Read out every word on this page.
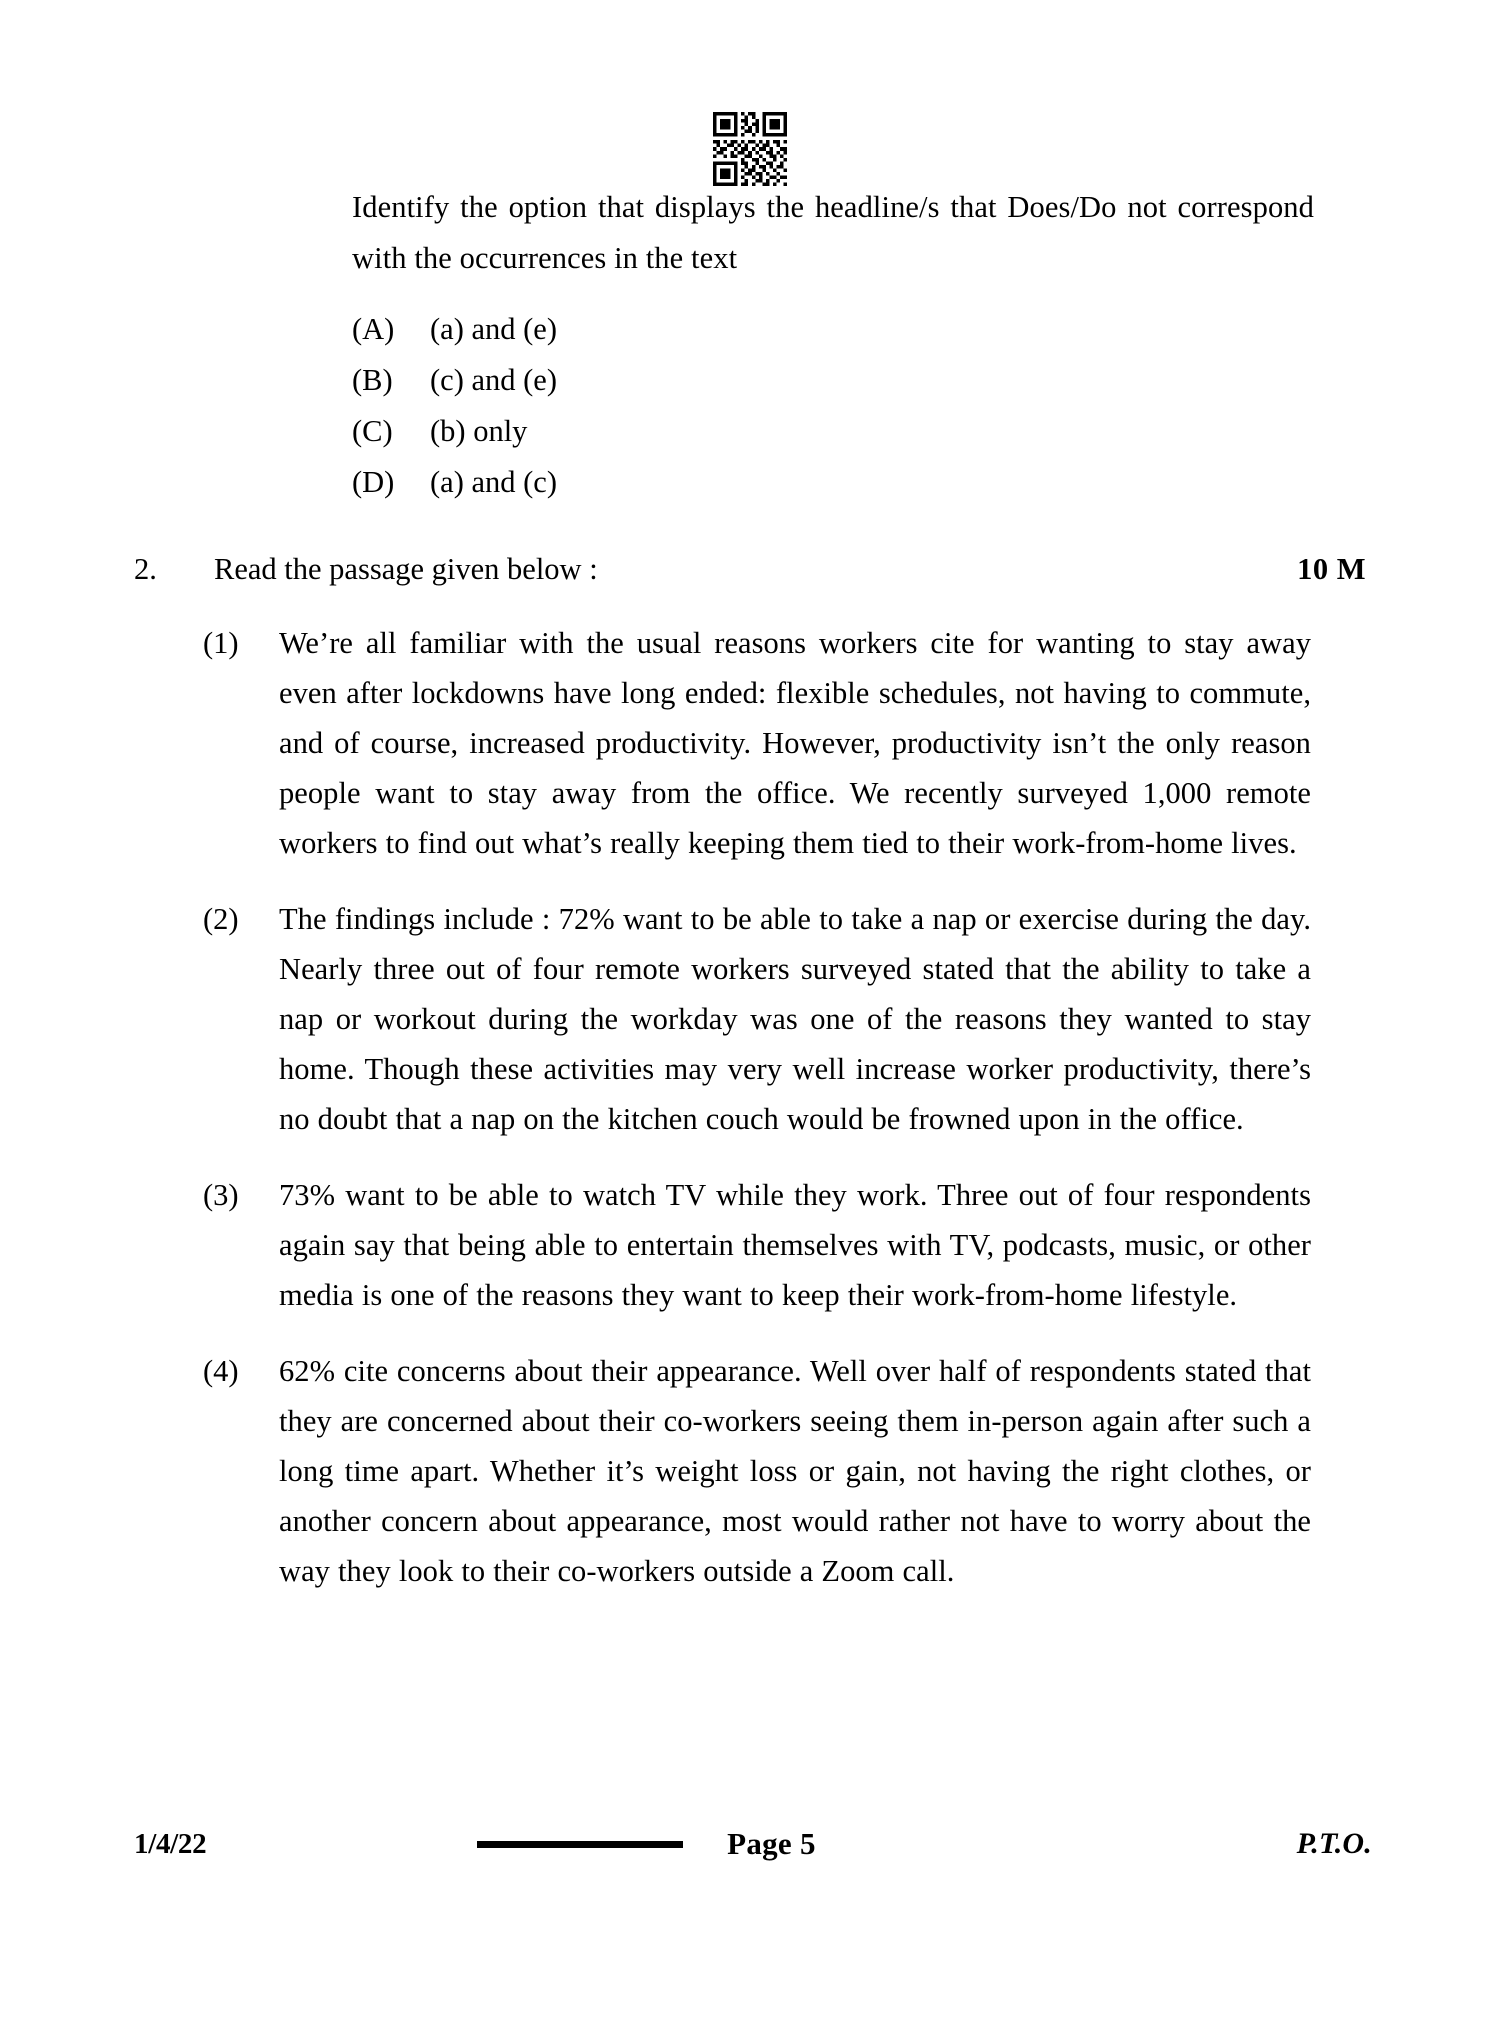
Identify the option that displays the headline/s that Does/Do not correspond with the occurrences in the text
(A)	(a) and (e)
(B)	(c) and (e)
(C)	(b) only
(D)	(a) and (c)
2.	Read the passage given below :	10 M
(1)	We’re all familiar with the usual reasons workers cite for wanting to stay away even after lockdowns have long ended: flexible schedules, not having to commute, and of course, increased productivity. However, productivity isn’t the only reason people want to stay away from the office. We recently surveyed 1,000 remote workers to find out what’s really keeping them tied to their work-from-home lives.
(2)	The findings include : 72% want to be able to take a nap or exercise during the day. Nearly three out of four remote workers surveyed stated that the ability to take a nap or workout during the workday was one of the reasons they wanted to stay home. Though these activities may very well increase worker productivity, there’s no doubt that a nap on the kitchen couch would be frowned upon in the office.
(3)	73% want to be able to watch TV while they work. Three out of four respondents again say that being able to entertain themselves with TV, podcasts, music, or other media is one of the reasons they want to keep their work-from-home lifestyle.
(4)	62% cite concerns about their appearance. Well over half of respondents stated that they are concerned about their co-workers seeing them in-person again after such a long time apart. Whether it’s weight loss or gain, not having the right clothes, or another concern about appearance, most would rather not have to worry about the way they look to their co-workers outside a Zoom call.
1/4/22	Page 5	P.T.O.
